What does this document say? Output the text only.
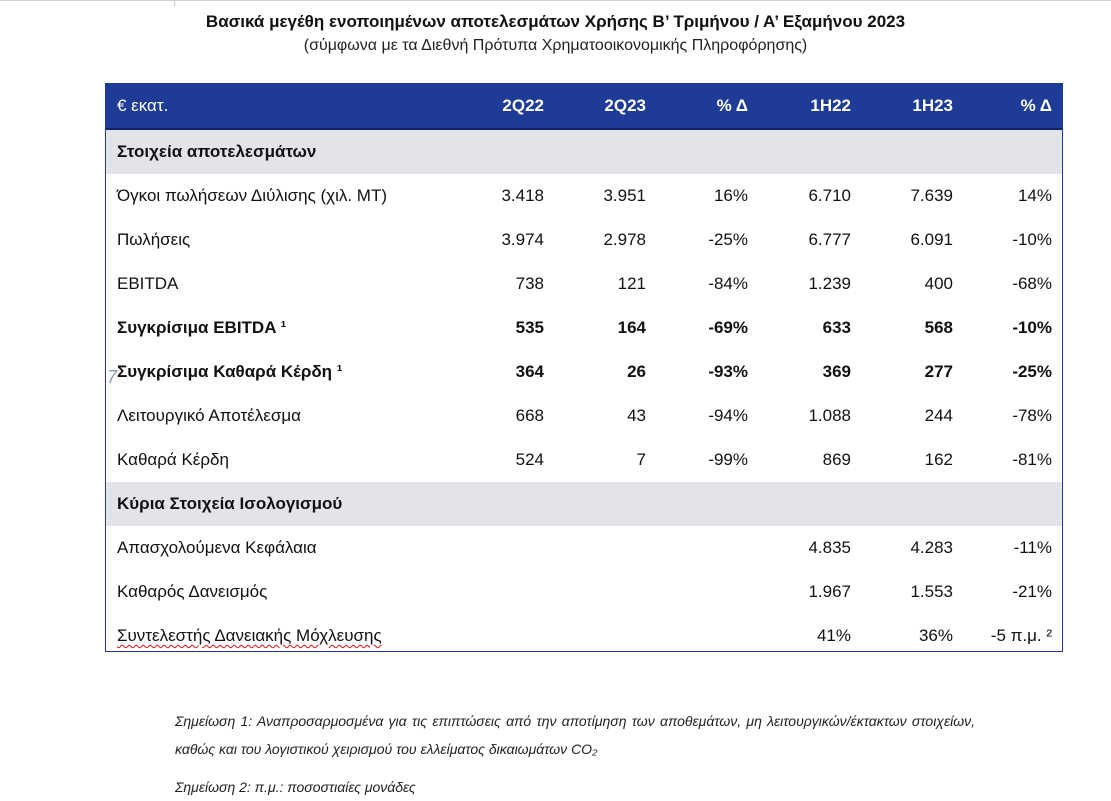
Βασικά μεγέθη ενοποιημένων αποτελεσμάτων Χρήσης Β’ Τριμήνου / Α’ Εξαμήνου 2023
(σύμφωνα με τα Διεθνή Πρότυπα Χρηματοοικονομικής Πληροφόρησης)
€ εκατ.	2Q22	2Q23	% Δ	1H22	1H23	% Δ
Στοιχεία αποτελεσμάτων						
Όγκοι πωλήσεων Διύλισης (χιλ. ΜΤ)	3.418	3.951	16%	6.710	7.639	14%
Πωλήσεις	3.974	2.978	-25%	6.777	6.091	-10%
EBITDA	738	121	-84%	1.239	400	-68%
Συγκρίσιμα EBITDA ¹	535	164	-69%	633	568	-10%
Συγκρίσιμα Καθαρά Κέρδη ¹	364	26	-93%	369	277	-25%
Λειτουργικό Αποτέλεσμα	668	43	-94%	1.088	244	-78%
Καθαρά Κέρδη	524	7	-99%	869	162	-81%
Κύρια Στοιχεία Ισολογισμού						
Απασχολούμενα Κεφάλαια				4.835	4.283	-11%
Καθαρός Δανεισμός				1.967	1.553	-21%
Συντελεστής Δανειακής Μόχλευσης				41%	36%	-5 π.μ. ²
7

Σημείωση 1: Αναπροσαρμοσμένα για τις επιπτώσεις από την αποτίμηση των αποθεμάτων, μη λειτουργικών/έκτακτων στοιχείων, καθώς και του λογιστικού χειρισμού του ελλείματος δικαιωμάτων CO₂

Σημείωση 2: π.μ.: ποσοστιαίες μονάδες
